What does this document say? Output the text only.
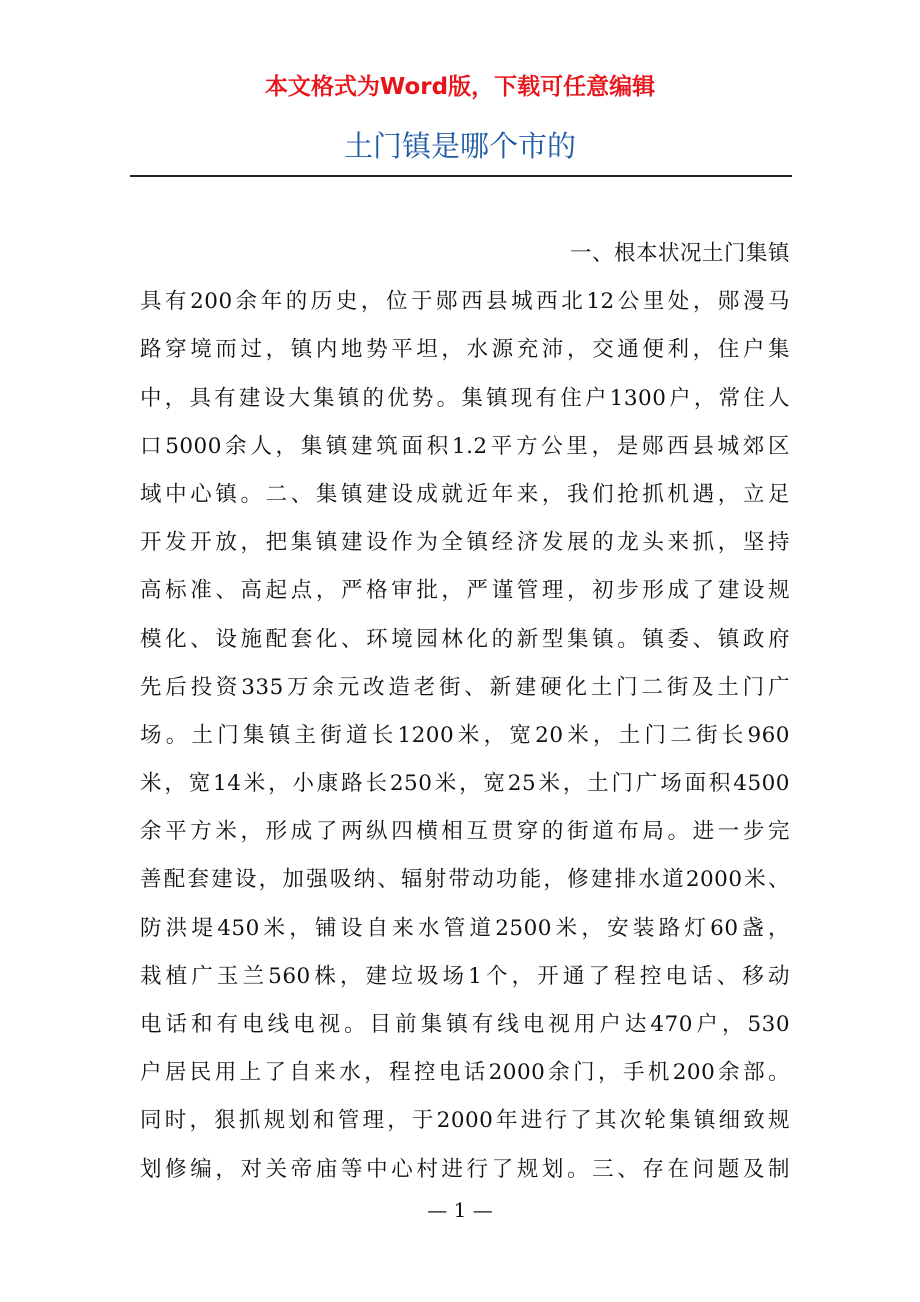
本文格式为Word版，下载可任意编辑
土门镇是哪个市的
一、根本状况土门集镇
具有200余年的历史，位于郧西县城西北12公里处，郧漫马
路穿境而过，镇内地势平坦，水源充沛，交通便利，住户集
中，具有建设大集镇的优势。集镇现有住户1300户，常住人
口5000余人，集镇建筑面积1.2平方公里，是郧西县城郊区
域中心镇。二、集镇建设成就近年来，我们抢抓机遇，立足
开发开放，把集镇建设作为全镇经济发展的龙头来抓，坚持
高标准、高起点，严格审批，严谨管理，初步形成了建设规
模化、设施配套化、环境园林化的新型集镇。镇委、镇政府
先后投资335万余元改造老街、新建硬化土门二街及土门广
场。土门集镇主街道长1200米，宽20米，土门二街长960
米，宽14米，小康路长250米，宽25米，土门广场面积4500
余平方米，形成了两纵四横相互贯穿的街道布局。进一步完
善配套建设，加强吸纳、辐射带动功能，修建排水道2000米、
防洪堤450米，铺设自来水管道2500米，安装路灯60盏，
栽植广玉兰560株，建垃圾场1个，开通了程控电话、移动
电话和有电线电视。目前集镇有线电视用户达470户，530
户居民用上了自来水，程控电话2000余门，手机200余部。
同时，狠抓规划和管理，于2000年进行了其次轮集镇细致规
划修编，对关帝庙等中心村进行了规划。三、存在问题及制
— 1 —
